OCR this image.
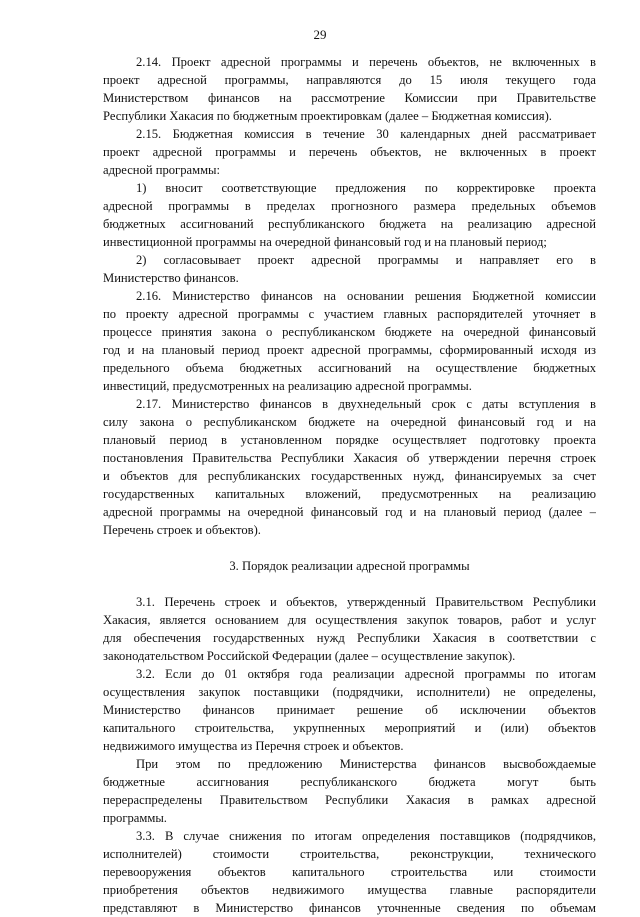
29
2.14. Проект адресной программы и перечень объектов, не включенных в
проект адресной программы, направляются до 15 июля текущего года
Министерством финансов на рассмотрение Комиссии при Правительстве
Республики Хакасия по бюджетным проектировкам (далее – Бюджетная комиссия).
2.15. Бюджетная комиссия в течение 30 календарных дней рассматривает
проект адресной программы и перечень объектов, не включенных в проект
адресной программы:
1) вносит соответствующие предложения по корректировке проекта
адресной программы в пределах прогнозного размера предельных объемов
бюджетных ассигнований республиканского бюджета на реализацию адресной
инвестиционной программы на очередной финансовый год и на плановый период;
2) согласовывает проект адресной программы и направляет его в
Министерство финансов.
2.16. Министерство финансов на основании решения Бюджетной комиссии
по проекту адресной программы с участием главных распорядителей уточняет в
процессе принятия закона о республиканском бюджете на очередной финансовый
год и на плановый период проект адресной программы, сформированный исходя из
предельного объема бюджетных ассигнований на осуществление бюджетных
инвестиций, предусмотренных на реализацию адресной программы.
2.17. Министерство финансов в двухнедельный срок с даты вступления в
силу закона о республиканском бюджете на очередной финансовый год и на
плановый период в установленном порядке осуществляет подготовку проекта
постановления Правительства Республики Хакасия об утверждении перечня строек
и объектов для республиканских государственных нужд, финансируемых за счет
государственных капитальных вложений, предусмотренных на реализацию
адресной программы на очередной финансовый год и на плановый период (далее –
Перечень строек и объектов).
3. Порядок реализации адресной программы
3.1. Перечень строек и объектов, утвержденный Правительством Республики
Хакасия, является основанием для осуществления закупок товаров, работ и услуг
для обеспечения государственных нужд Республики Хакасия в соответствии с
законодательством Российской Федерации (далее – осуществление закупок).
3.2. Если до 01 октября года реализации адресной программы по итогам
осуществления закупок поставщики (подрядчики, исполнители) не определены,
Министерство финансов принимает решение об исключении объектов
капитального строительства, укрупненных мероприятий и (или) объектов
недвижимого имущества из Перечня строек и объектов.
При этом по предложению Министерства финансов высвобождаемые
бюджетные ассигнования республиканского бюджета могут быть
перераспределены Правительством Республики Хакасия в рамках адресной
программы.
3.3. В случае снижения по итогам определения поставщиков (подрядчиков,
исполнителей) стоимости строительства, реконструкции, технического
перевооружения объектов капитального строительства или стоимости
приобретения объектов недвижимого имущества главные распорядители
представляют в Министерство финансов уточненные сведения по объемам
